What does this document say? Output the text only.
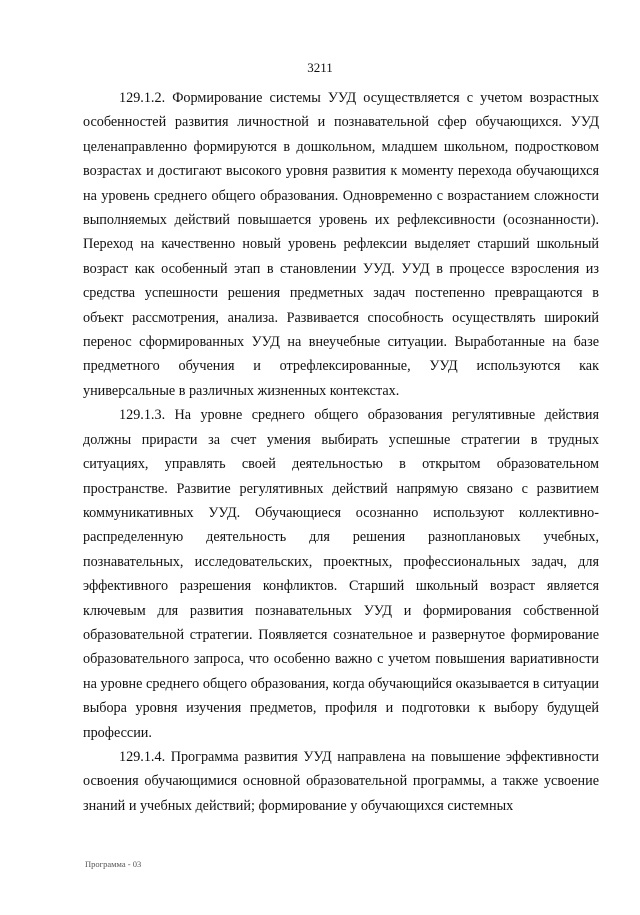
3211

129.1.2. Формирование системы УУД осуществляется с учетом возрастных особенностей развития личностной и познавательной сфер обучающихся. УУД целенаправленно формируются в дошкольном, младшем школьном, подростковом возрастах и достигают высокого уровня развития к моменту перехода обучающихся на уровень среднего общего образования. Одновременно с возрастанием сложности выполняемых действий повышается уровень их рефлексивности (осознанности). Переход на качественно новый уровень рефлексии выделяет старший школьный возраст как особенный этап в становлении УУД. УУД в процессе взросления из средства успешности решения предметных задач постепенно превращаются в объект рассмотрения, анализа. Развивается способность осуществлять широкий перенос сформированных УУД на внеучебные ситуации. Выработанные на базе предметного обучения и отрефлексированные, УУД используются как универсальные в различных жизненных контекстах.

129.1.3. На уровне среднего общего образования регулятивные действия должны прирасти за счет умения выбирать успешные стратегии в трудных ситуациях, управлять своей деятельностью в открытом образовательном пространстве. Развитие регулятивных действий напрямую связано с развитием коммуникативных УУД. Обучающиеся осознанно используют коллективно-распределенную деятельность для решения разноплановых учебных, познавательных, исследовательских, проектных, профессиональных задач, для эффективного разрешения конфликтов. Старший школьный возраст является ключевым для развития познавательных УУД и формирования собственной образовательной стратегии. Появляется сознательное и развернутое формирование образовательного запроса, что особенно важно с учетом повышения вариативности на уровне среднего общего образования, когда обучающийся оказывается в ситуации выбора уровня изучения предметов, профиля и подготовки к выбору будущей профессии.

129.1.4. Программа развития УУД направлена на повышение эффективности освоения обучающимися основной образовательной программы, а также усвоение знаний и учебных действий; формирование у обучающихся системных

Программа - 03
